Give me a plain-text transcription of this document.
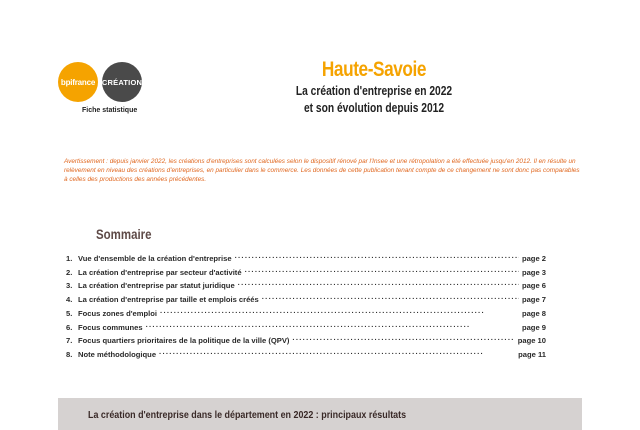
bpifrance CRÉATION
Fiche statistique
Haute-Savoie
La création d'entreprise en 2022
et son évolution depuis 2012
Avertissement : depuis janvier 2022, les créations d'entreprises sont calculées selon le dispositif rénové par l'Insee et une rétropolation a été effectuée jusqu'en 2012. Il en résulte un relèvement en niveau des créations d'entreprises, en particulier dans le commerce. Les données de cette publication tenant compte de ce changement ne sont donc pas comparables à celles des productions des années précédentes.
Sommaire
1. Vue d'ensemble de la création d'entreprise . . .	page 2
2. La création d'entreprise par secteur d'activité . . .	page 3
3. La création d'entreprise par statut juridique . . .	page 6
4. La création d'entreprise par taille et emplois créés . . .	page 7
5. Focus zones d'emploi . . .	page 8
6. Focus communes . . .	page 9
7. Focus quartiers prioritaires de la politique de la ville (QPV) . . .	page 10
8. Note méthodologique . . .	page 11
La création d'entreprise dans le département en 2022 : principaux résultats
